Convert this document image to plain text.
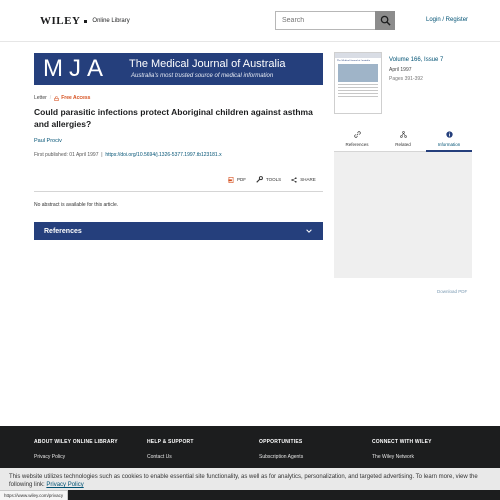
WILEY Online Library
Search	Login / Register
MJA The Medical Journal of Australia
Australia's most trusted source of medical information
Letter / Free Access
Could parasitic infections protect Aboriginal children against asthma and allergies?
Paul Prociv
First published: 01 April 1997  |  https://doi.org/10.5694/j.1326-5377.1997.tb123181.x
PDF	TOOLS	SHARE
No abstract is available for this article.
References
The Medical Journal of Australia	Volume 166, Issue 7
April 1997
Pages 391-392
References	Related	Information
Download PDF
ABOUT WILEY ONLINE LIBRARY
Privacy Policy
HELP & SUPPORT
Contact Us
OPPORTUNITIES
Subscription Agents
CONNECT WITH WILEY
The Wiley Network
This website utilizes technologies such as cookies to enable essential site functionality, as well as for analytics, personalization, and targeted advertising. To learn more, view the following link: Privacy Policy
https://www.wiley.com/privacy
